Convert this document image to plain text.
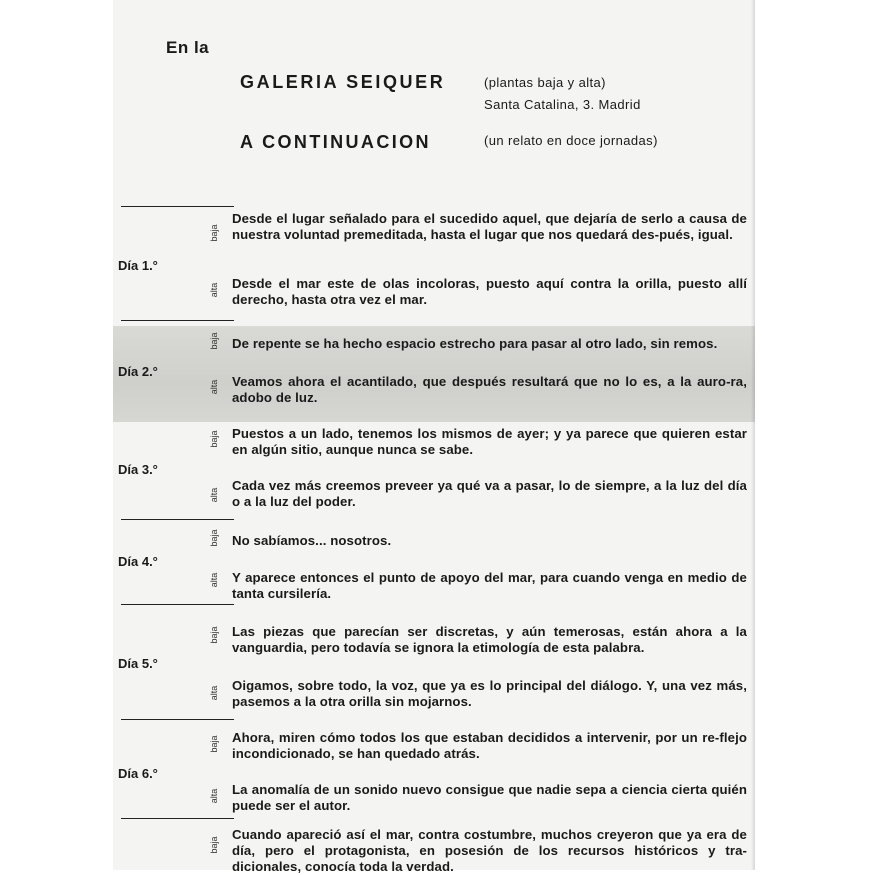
En la
GALERIA SEIQUER	(plantas baja y alta)
Santa Catalina, 3. Madrid
A CONTINUACION	(un relato en doce jornadas)
baja
Desde el lugar señalado para el sucedido aquel, que dejaría de serlo a causa de nuestra voluntad premeditada, hasta el lugar que nos quedará des-pués, igual.
Día 1.°
alta Desde el mar este de olas incoloras, puesto aquí contra la orilla, puesto allí derecho, hasta otra vez el mar.
baja De repente se ha hecho espacio estrecho para pasar al otro lado, sin remos.
Día 2.°
alta Veamos ahora el acantilado, que después resultará que no lo es, a la auro-ra, adobo de luz.
baja Puestos a un lado, tenemos los mismos de ayer; y ya parece que quieren estar en algún sitio, aunque nunca se sabe.
Día 3.°
alta
Cada vez más creemos preveer ya qué va a pasar, lo de siempre, a la luz del día o a la luz del poder.
baja No sabíamos... nosotros.
Día 4.°
alta Y aparece entonces el punto de apoyo del mar, para cuando venga en medio de tanta cursilería.
baja Las piezas que parecían ser discretas, y aún temerosas, están ahora a la vanguardia, pero todavía se ignora la etimología de esta palabra.
Día 5.°
alta
Oigamos, sobre todo, la voz, que ya es lo principal del diálogo. Y, una vez más, pasemos a la otra orilla sin mojarnos.
baja Ahora, miren cómo todos los que estaban decididos a intervenir, por un re-flejo incondicionado, se han quedado atrás.
Día 6.°
alta La anomalía de un sonido nuevo consigue que nadie sepa a ciencia cierta quién puede ser el autor.
baja
Cuando apareció así el mar, contra costumbre, muchos creyeron que ya era de día, pero el protagonista, en posesión de los recursos históricos y tra-dicionales, conocía toda la verdad.
